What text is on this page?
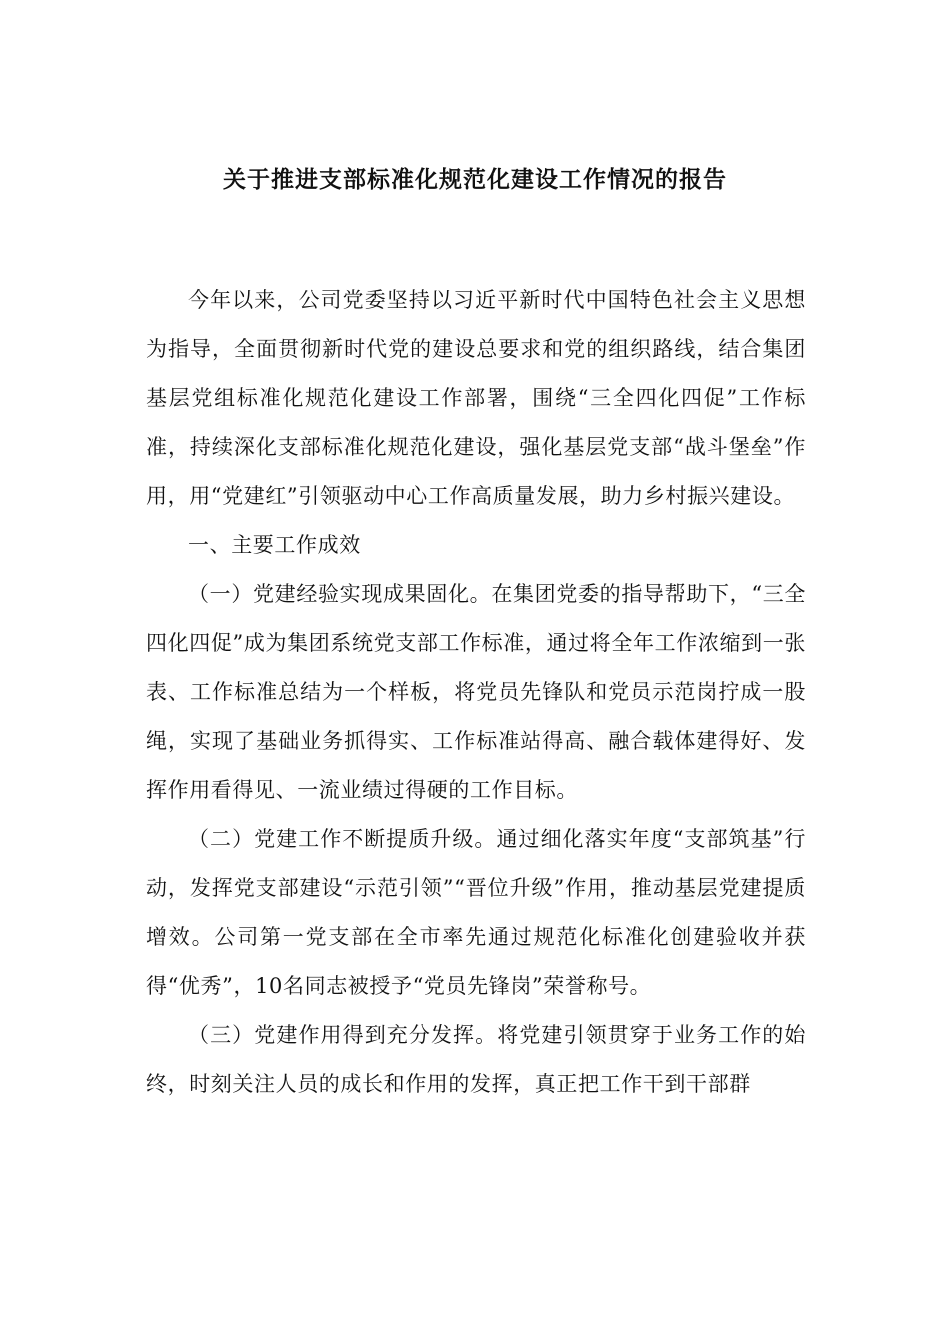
关于推进支部标准化规范化建设工作情况的报告

今年以来，公司党委坚持以习近平新时代中国特色社会主义思想为指导，全面贯彻新时代党的建设总要求和党的组织路线，结合集团基层党组标准化规范化建设工作部署，围绕“三全四化四促”工作标准，持续深化支部标准化规范化建设，强化基层党支部“战斗堡垒”作用，用“党建红”引领驱动中心工作高质量发展，助力乡村振兴建设。

一、主要工作成效

（一）党建经验实现成果固化。在集团党委的指导帮助下，“三全四化四促”成为集团系统党支部工作标准，通过将全年工作浓缩到一张表、工作标准总结为一个样板，将党员先锋队和党员示范岗拧成一股绳，实现了基础业务抓得实、工作标准站得高、融合载体建得好、发挥作用看得见、一流业绩过得硬的工作目标。

（二）党建工作不断提质升级。通过细化落实年度“支部筑基”行动，发挥党支部建设“示范引领”“晋位升级”作用，推动基层党建提质增效。公司第一党支部在全市率先通过规范化标准化创建验收并获得“优秀”，10名同志被授予“党员先锋岗”荣誉称号。

（三）党建作用得到充分发挥。将党建引领贯穿于业务工作的始终，时刻关注人员的成长和作用的发挥，真正把工作干到干部群
